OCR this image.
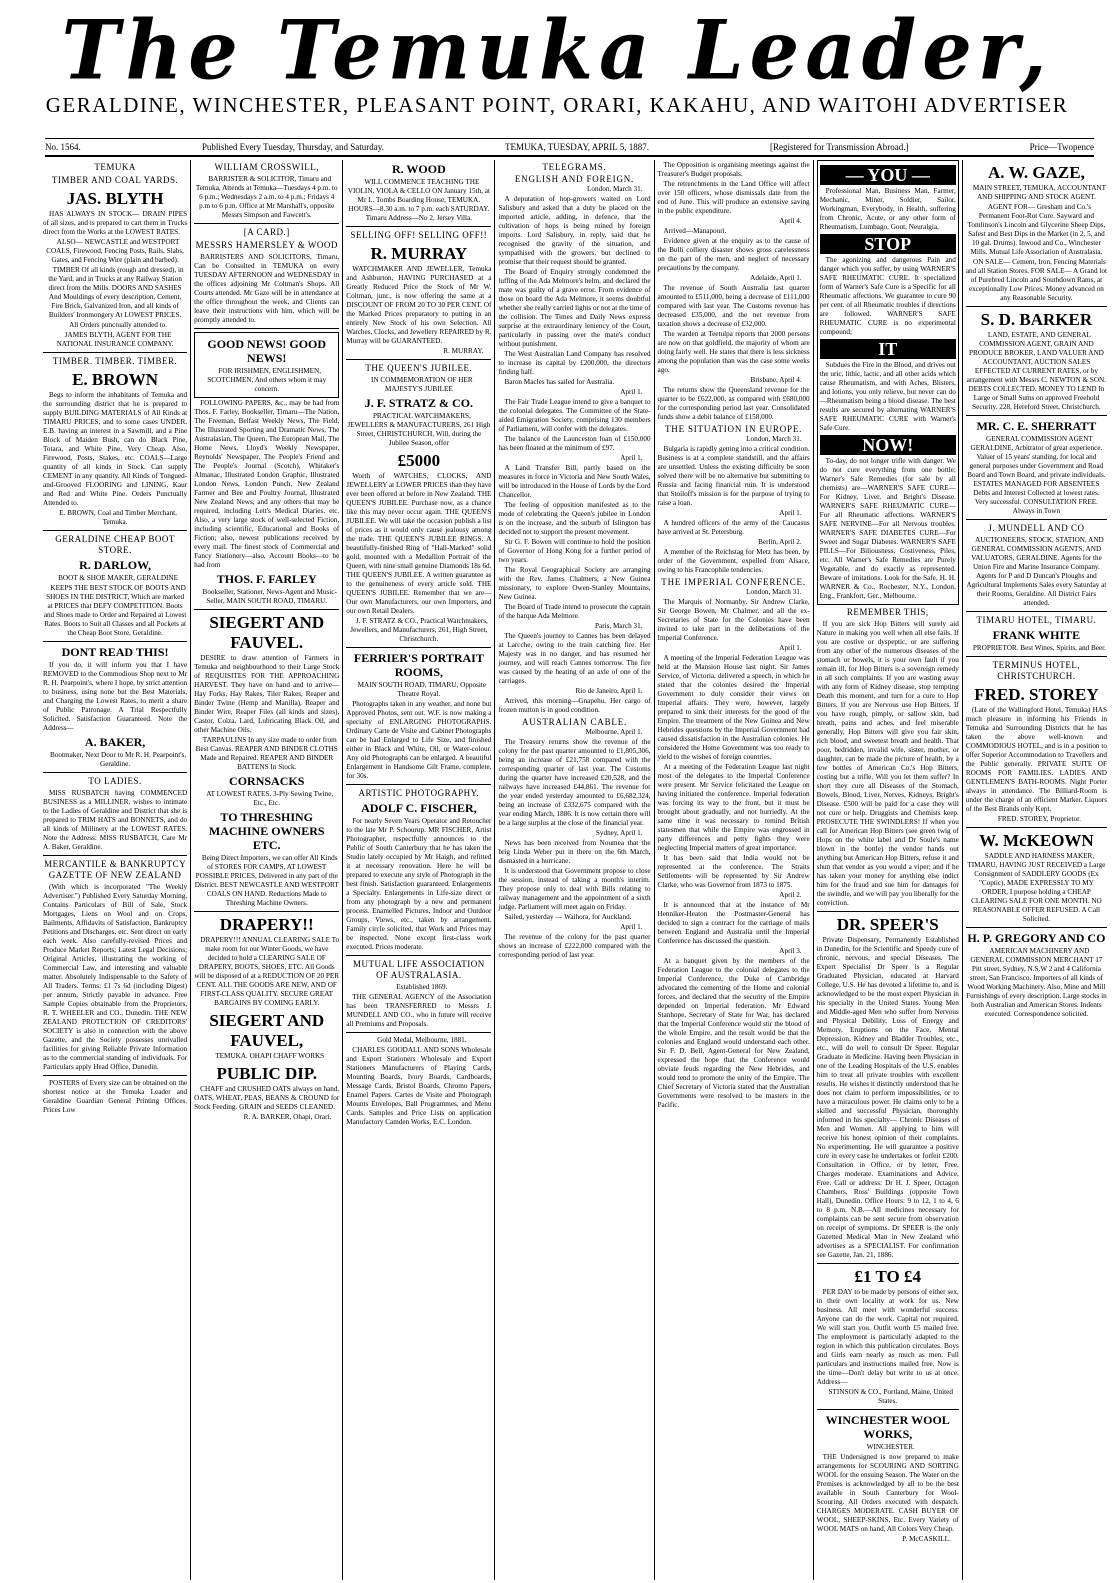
The Temuka Leader,
GERALDINE, WINCHESTER, PLEASANT POINT, ORARI, KAKAHU, AND WAITOHI ADVERTISER
No. 1564.	Published Every Tuesday, Thursday, and Saturday.	TEMUKA, TUESDAY, APRIL 5, 1887.	[Registered for Transmission Abroad.]	Price—Twopence
TEMUKA
TIMBER AND COAL YARDS.
JAS. BLYTH

HAS ALWAYS IN STOCK— DRAIN PIPES of all sizes, and is prepared to cart them in Trucks direct from the Works at the LOWEST RATES.

ALSO— NEWCASTLE and WESTPORT COALS, Firewood, Fencing Posts, Rails, Slabs, Gates, and Fencing Wire (plain and barbed).

TIMBER Of all kinds (rough and dressed), in the Yard, and in Trucks at any Railway Station direct from the Mills. DOORS AND SASHES And Mouldings of every description, Cement, Fire Brick, Galvanized Iron, and all kinds of Builders' Ironmongery At LOWEST PRICES.

All Orders punctually attended to.

JAMES BLYTH, AGENT FOR THE NATIONAL INSURANCE COMPANY.

TIMBER. TIMBER. TIMBER.
E. BROWN

Begs to inform the inhabitants of Temuka and the surrounding district that he is prepared to supply BUILDING MATERIALS of All Kinds at TIMARU PRICES, and to some cases UNDER. E.B. having an interest in a Sawmill, and a Pine Block of Maiden Bush, can do Black Pine, Totara, and White Pine, Very Cheap. Also, Firewood, Posts, Stakes, etc. COALS—Large quantity of all kinds in Stock. Can supply CEMENT in any quantity. All Kinds of Tongued-and-Grooved FLOORING and LINING, Kaur and Red and White Pine. Orders Punctually Attended to.

E. BROWN, Coal and Timber Merchant, Temuka.

GERALDINE CHEAP BOOT STORE.
R. DARLOW,

BOOT & SHOE MAKER, GERALDINE

KEEPS THE BEST STOCK OF BOOTS AND SHOES IN THE DISTRICT, Which are marked at PRICES that DEFY COMPETITION. Boots and Shoes made to Order and Repaired at Lowest Rates. Boots to Suit all Classes and all Pockets at the Cheap Boot Store, Geraldine.

DONT READ THIS!

If you do, it will inform you that I have REMOVED to the Commodious Shop next to Mr R. H. Pearpoint's, where I hope, by strict attention to business, using none but the Best Materials, and Charging the Lowest Rates, to merit a share of Public Patronage. A Trial Respectfully Solicited. Satisfaction Guaranteed. Note the Address—

A. BAKER,

Bootmaker, Next Door to Mr R. H. Pearpoint's, Geraldine.

TO LADIES.

MISS RUSBATCH having COMMENCED BUSINESS as a MILLINER, wishes to intimate to the Ladies of Geraldine and District that she is prepared to TRIM HATS and BONNETS, and do all kinds of Millinery at the LOWEST RATES. Note the Address: MISS RUSBATCH, Care Mr A. Baker, Geraldine.

MERCANTILE & BANKRUPTCY GAZETTE OF NEW ZEALAND

(With which is incorporated "The Weekly Advertiser.") Published Every Saturday Morning, Contains Particulars of Bill of Sale, Stock Mortgages, Liens on Wool and on Crops, Bailments, Affidavits of Satisfaction, Bankruptcy Petitions and Discharges, etc. Sent direct on early each week. Also carefully-revised Prices and Produce Market Reports; Latest Legal Decisions; Original Articles, illustrating the working of Commercial Law, and interesting and valuable matter. Absolutely Indispensable to the Safety of All Traders. Terms: £1 7s 6d (including Digest) per annum, Strictly payable in advance. Free Sample Copies obtainable from the Proprietors, R. T. WHEELER and CO., Dunedin. THE NEW ZEALAND PROTECTION OF CREDITORS' SOCIETY is also in connection with the above Gazette, and the Society possesses unrivalled facilities for giving Reliable Private Information as to the commercial standing of individuals. For Particulars apply Head Office, Dunedin.

POSTERS of Every size can be obtained on the shortest notice at the Temuka Leader and Geraldine Guardian General Printing Offices. Prices Low

WILLIAM CROSSWILL,

BARRISTER & SOLICITOR, Timaru and Temuka, Attends at Temuka—Tuesdays 4 p.m. to 6 p.m.; Wednesdays 2 a.m. to 4 p.m.; Fridays 4 p.m to 6 p.m. Office at Mr Marshall's, opposite Messrs Simpson and Fawcett's.

[A CARD.]
MESSRS HAMERSLEY & WOOD

BARRISTERS AND SOLICITORS, Timaru, Can be Consulted in TEMUKA on every TUESDAY AFTERNOON and WEDNESDAY in the offices adjoining Mr Coltman's Shops. All Courts attended. Mr Gaze will be in attendance at the office throughout the week, and Clients can leave their instructions with him, which will be promptly attended to.

GOOD NEWS! GOOD NEWS!

FOR IRISHMEN, ENGLISHMEN, SCOTCHMEN, And others whom it may concern.

FOLLOWING PAPERS, &c., may be had from Thos. F. Farley, Bookseller, Timaru—The Nation, The Freeman, Belfast Weekly News, The Field, The Illustrated Sporting and Dramatic News, The Australasian, The Queen, The European Mail, The Home News, Lloyd's Weekly Newspaper, Reynolds' Newspaper, The People's Friend and The People's Journal (Scotch), Whitaker's Almanac, Illustrated London Graphic, Illustrated London News, London Punch, New Zealand Farmer and Bee and Poultry Journal, Illustrated New Zealand News, and any others that may be required, including Lett's Medical Diaries, etc. Also, a very large stock of well-selected Fiction, including scientific, Educational and Books of Fiction; also, newest publications received by every mail. The finest stock of Commercial and Fancy Stationery—also, Account Books—to be had from

THOS. F. FARLEY

Bookseller, Stationer, News-Agent and Music-Seller, MAIN SOUTH ROAD, TIMARU.

SIEGERT AND FAUVEL.

DESIRE to draw attention of Farmers in Temuka and neighbourhood to their Large Stock of REQUISITES FOR THE APPROACHING HARVEST. They have on hand and to arrive— Hay Forks, Hay Rakes, Tiler Rakes, Reaper and Binder Twine (Hemp and Manilla), Reaper and Binder Wire, Reaper Files (all kinds and sizes), Castor, Colza, Lard, Lubricating Black Oil, and other Machine Oils.

TARPAULINS In any size made to order from Best Canvas. REAPER AND BINDER CLOTHS Made and Repaired. REAPER AND BINDER BATTENS In Stock.

CORNSACKS

AT LOWEST RATES. 3-Ply Sewing Twine, Etc., Etc.

TO THRESHING MACHINE OWNERS ETC.

Being Direct Importers, we can offer All Kinds of STORES FOR CAMPS, AT LOWEST POSSIBLE PRICES, Delivered in any part of the District. BEST NEWCASTLE AND WESTPORT COALS ON HAND. Reductions Made to Threshing Machine Owners.

DRAPERY!!

DRAPERY!!! ANNUAL CLEARING SALE To make room for our Winter Goods, we have decided to hold a CLEARING SALE OF DRAPERY, BOOTS, SHOES, ETC. All Goods will be disposed of at a REDUCTION OF 20 PER CENT. ALL THE GOODS ARE NEW, AND OF FIRST-CLASS QUALITY. SECURE GREAT BARGAINS BY COMING EARLY.

SIEGERT AND FAUVEL,

TEMUKA. OHAPI CHAFF WORKS

PUBLIC DIP.

CHAFF and CRUSHED OATS always on hand. OATS, WHEAT, PEAS, BEANS & CROUND for Stock Feeding. GRAIN and SEEDS CLEANED.

R. A. BARKER, Ohapi, Orari.

R. WOOD

WILL COMMENCE TEACHING THE VIOLIN, VIOLA & CELLO ON January 15th, at Mr L. Tombs Boarding House, TEMUKA. HOURS—8.30 a.m. to 7 p.m. each SATURDAY. Timaru Address—No 2, Jersey Villa.

SELLING OFF! SELLING OFF!!
R. MURRAY

WATCHMAKER AND JEWELLER, Temuka and Ashburton, HAVING PURCHASED at a Greatly Reduced Price the Stock of Mr W. Coltman, junr., is now offering the same at a DISCOUNT OF FROM 20 TO 30 PER CENT. Of the Marked Prices preparatory to putting in an entirely New Stock of his own Selection. All Watches, Clocks, and Jewellery REPAIRED by R. Murray will be GUARANTEED.

R. MURRAY.

THE QUEEN'S JUBILEE.

IN COMMEMORATION OF HER MAJESTY'S JUBILEE

J. F. STRATZ & CO.

PRACTICAL WATCHMAKERS, JEWELLERS & MANUFACTURERS, 261 High Street, CHRISTCHURCH, Will, during the Jubilee Season, offer

£5000

Worth of WATCHES, CLOCKS, AND JEWELLERY at LOWER PRICES than they have ever been offered at before in New Zealand. THE QUEEN'S JUBILEE. Purchase now, as a chance like this may never occur again. THE QUEEN'S JUBILEE. We will take the occasion publish a list of prices as it would only cause jealousy among the trade. THE QUEEN'S JUBILEE RINGS. A beautifully-finished Ring of "Hall-Marked" solid gold, mounted with a Medallion Portrait of the Queen, with nine small genuine Diamonds 18s 6d. THE QUEEN'S JUBILEE. A written guarantee as to the genuineness of every article sold. THE QUEEN'S JUBILEE. Remember that we are—Our own Manufacturers, our own Importers, and our own Retail Dealers.

J. F. STRATZ & CO., Practical Watchmakers, Jewellers, and Manufacturers, 261, High Street, Christchurch.

FERRIER'S PORTRAIT ROOMS,

MAIN SOUTH ROAD, TIMARU, Opposite Theatre Royal.

Photographs taken in any weather, and none but Approved Photos, sent out. W.F. is now making a specialty of ENLARGING PHOTOGRAPHS. Ordinary Carte de Visite and Cabinet Photographs can be had Enlarged to Life Size, and finished either in Black and White, Oil, or Water-colour. Any old Photographs can be enlarged. A beautiful Enlargement in Handsome Gilt Frame, complete, for 30s.

ARTISTIC PHOTOGRAPHY.
ADOLF C. FISCHER,

For nearly Seven Years Operator and Retoucher to the late Mr P. Schourup. MR FISCHER, Artist Photographer, respectfully announces to the Public of South Canterbury that he has taken the Studio lately occupied by Mr Haigh, and refitted it at necessary renovation. Here he will be prepared to execute any style of Photograph in the best finish. Satisfaction guaranteed. Enlargements a Specialty. Enlargements in Life-size direct or from any photograph by a new and permanent process. Enamelled Pictures, Indoor and Outdoor Groups, Views, etc., taken by arrangement. Family circle solicited, that Work and Prices may be inspected. None except first-class work executed. Prices moderate.

MUTUAL LIFE ASSOCIATION OF AUSTRALASIA.

Established 1869.

THE GENERAL AGENCY of the Association has been TRANSFERRED to Messrs J. MUNDELL AND CO., who in future will receive all Premiums and Proposals.

Gold Medal, Melbourne, 1881.

CHARLES GOODALL AND SONS Wholesale and Export Stationers Wholesale and Export Stationers Manufacturers of Playing Cards, Mounting Boards, Ivory Boards, Cardboards, Message Cards, Bristol Boards, Chromo Papers, Enamel Papers. Cartes de Visite and Photograph Mounts Envelopes, Ball Programmes, and Menu Cards. Samples and Price Lists on application Manufactory Camden Works, E.C. London.

TELEGRAMS.
ENGLISH AND FOREIGN.
London, March 31.

A deputation of hop-growers waited on Lord Salisbury and asked that a duty be placed on the imported article, adding, in defence, that the cultivation of hops is being ruined by foreign imports. Lord Salisbury, in reply, said that he recognised the gravity of the situation, and sympathised with the growers, but declined to promise that their request should be granted.

The Board of Enquiry strongly condemned the luffing of the Ada Melmore's helm, and declared the mate was guilty of a grave error. From evidence of those on board the Ada Melmore, it seems doubtful whether she really carried lights or not at the time of the collision. The Times and Daily News express surprise at the extraordinary leniency of the Court, particularly in passing over the mate's conduct without punishment.

The West Australian Land Company has resolved to increase its capital by £200,000, the directors finding half.

Baron Macles has sailed for Australia.

April 1.

The Fair Trade League intend to give a banquet to the colonial delegates. The Committee of the State-aided Emigration Society, comprising 130 members of Parliament, will confer with the delegates.

The balance of the Launceston loan of £150,000 has been floated at the minimum of £97.

April 1.

A Land Transfer Bill, partly based on the measures in force in Victoria and New South Wales, will be introduced in the House of Lords by the Lord Chancellor.

The feeling of opposition manifested as to the mode of celebrating the Queen's jubilee in London is on the increase, and the suburb of Islington has decided not to support the present movement.

Sir G. F. Bowen will continue to hold the position of Governor of Hong Kong for a further period of two years.

The Royal Geographical Society are arranging with the Rev. James Chalmers, a New Guinea missionary, to explore Owen-Stanley Mountains, New Guinea.

The Board of Trade intend to prosecute the captain of the barque Ada Melmore.

Paris, March 31.

The Queen's journey to Cannes has been delayed at Larcche, owing to the train catching fire. Her Majesty was in no danger, and has resumed her journey, and will reach Cannes tomorrow. The fire was caused by the heating of an axle of one of the carriages.

Rio de Janeiro, April 1.

Arrived, this morning—Gnapehu. Her cargo of frozen mutton is in good condition.

AUSTRALIAN CABLE.
Melbourne, April 1.

The Treasury returns show the revenue of the colony for the past quarter amounted to £1,805,306, being an increase of £21,758 compared with the corresponding quarter of last year. The Customs during the quarter have increased £20,528, and the railways have increased £44,861. The revenue for the year ended yesterday amounted to £6,682,324, being an increase of £332,675 compared with the year ending March, 1886. It is now certain there will be a large surplus at the close of the financial year.

Sydney, April 1.

News has been received from Noumea that the brig Linda Weber put in there on the 6th March, dismasted in a hurricane.

It is understood that Government propose to close the session, instead of taking a month's interim. They propose only to deal with Bills relating to railway management and the appointment of a sixth judge. Parliament will meet again on Friday.

Sailed, yesterday — Waihora, for Auckland.

April 1.

The revenue of the colony for the past quarter shows an increase of £222,000 compared with the corresponding period of last year.

The Opposition is organising meetings against the Treasurer's Budget proposals.

The retrenchments in the Land Office will affect over 150 officers, whose dismissals date from the end of June. This will produce an extensive saving in the public expenditure.

April 4.

Arrived—Manapouri.

Evidence given at the enquiry as to the cause of the Bulli colliery disaster shows gross carelessness on the part of the men, and neglect of necessary precautions by the company.

Adelaide, April 1.

The revenue of South Australia last quarter amounted to £511,000, being a decrease of £111,000 compared with last year. The Customs revenue has decreased £35,000, and the net revenue from taxation shows a decrease of £32,000.

The warden at Teetulpa reports that 2000 persons are now on that goldfield, the majority of whom are doing fairly well. He states that there is less sickness among the population than was the case some weeks ago.

Brisbane, April 4.

The returns show the Queensland revenue for the quarter to be £622,000, as compared with £680,000 for the corresponding period last year. Consolidated funds show a debit balance of £158,000.

THE SITUATION IN EUROPE.
London, March 31.

Bulgaria is rapidly getting into a critical condition. Business is at a complete standstill, and the affairs are unsettled. Unless the existing difficulty be soon solved there will be no alternative but submitting to Russia and facing financial ruin. It is understood that Stoiloff's mission is for the purpose of trying to raise a loan.

April 1.

A hundred officers of the army of the Caucasus have arrived at St. Petersburg.

Berlin, April 2.

A member of the Reichstag for Metz has been, by order of the Government, expelled from Alsace, owing to his Francophile tendencies.

THE IMPERIAL CONFERENCE.
London, March 31.

The Marquis of Normanby, Sir Andrew Clarke, Sir George Bowen, Mr Chalmer, and all the ex-Secretaries of State for the Colonies have been invited to take part in the deliberations of the Imperial Conference.

April 1.

A meeting of the Imperial Federation League was held at the Mansion House last night. Sir James Service, of Victoria, delivered a speech, in which he stated that the colonies desired the Imperial Government to duly consider their views on Imperial affairs. They were, however, largely prepared to sink their interests for the good of the Empire. The treatment of the New Guinea and New Hebrides questions by the Imperial Government had caused dissatisfaction in the Australian colonies. He considered the Home Government was too ready to yield to the wishes of foreign countries.

At a meeting of the Federation League last night most of the delegates to the Imperial Conference were present. Mr Service felicitated the League on having initiated the conference. Imperial federation was forcing its way to the front, but it must be brought about gradually, and not hurriedly. At the same time it was necessary to remind British statesmen that while the Empire was engrossed in party differences and petty fights they were neglecting Imperial matters of great importance.

It has been said that India would not be represented at the conference. The Straits Settlements will be represented by Sir Andrew Clarke, who was Governor from 1873 to 1875.

April 2.

It is announced that at the instance of Mr Henniker-Heaton the Postmaster-General has decided to sign a contract for the carriage of mails between England and Australia until the Imperial Conference has discussed the question.

April 3.

At a banquet given by the members of the Federation League to the colonial delegates to the Imperial Conference, the Duke of Cambridge advocated the cementing of the Home and colonial forces, and declared that the security of the Empire depended on Imperial federation. Mr Edward Stanhope, Secretary of State for War, has declared that the Imperial Conference would stir the blood of the whole Empire, and the result would be that the colonies and England would understand each other. Sir F. D. Bell, Agent-General for New Zealand, expressed the hope that the Conference would obviate feuds regarding the New Hebrides, and would tend to promote the unity of the Empire. The Chief Secretary of Victoria stated that the Australian Governments were resolved to be masters in the Pacific.

— YOU —

Professional Man, Business Man, Farmer, Mechanic, Miner, Soldier, Sailor, Workingman, Everybody, in Health, suffering from Chronic, Acute, or any other form of Rheumatism, Lumbago, Gout, Neuralgia,

STOP

The agonizing and dangerous Pain and danger which you suffer, by using WARNER'S SAFE RHEUMATIC CURE. It specialized form of Warner's Safe Cure is a Specific for all Rheumatic affections. We guarantee to cure 90 per cent. of all Rheumatic troubles if directions are followed. WARNER'S SAFE RHEUMATIC CURE is no experimental compound;

IT

Subdues the Fire in the Blood, and drives out the uric, lithic, lactic, and all other acids which cause Rheumatism, and with Aches, Blisters, and lotions, you only relieve, but never can do—Rheumatism being a blood disease. The best results are secured by alternating WARNER'S SAFE RHEUMATIC CURE with Warner's Safe Cure.

NOW!

To-day, do not longer trifle with danger. We do not cure everything from one bottle; Warner's Safe Remedies (for sale by all chemists) are—WARNER'S SAFE CURE—For Kidney, Liver, and Bright's Disease. WARNER'S SAFE RHEUMATIC CURE—For all Rheumatic affections. WARNER'S SAFE NERVINE—For all Nervous troubles. WARNER'S SAFE DIABETES CURE—For Sweet and Sugar Diabetes. WARNER'S SAFE PILLS—For Biliousness, Costiveness, Piles, etc. All Warner's Safe Remedies are Purely Vegetable, and do exactly as represented. Beware of imitations. Look for the Safe. H. H. WARNER & Co., Rochester, N.Y., London, Eng., Frankfort, Ger., Melbourne.

REMEMBER THIS,

If you are sick Hop Bitters will surely aid Nature in making you well when all else fails. If you are costive or dyspeptic, or are suffering from any other of the numerous diseases of the stomach or bowels, it is your own fault if you remain ill, for Hop Bitters is a sovereign remedy in all such complaints. If you are wasting away with any form of Kidney disease, stop tempting Death this moment, and turn for a cure to Hop Bitters. If you are Nervous use Hop Bitters. If you have rough, pimply, or sallow skin, bad breath, pains and aches, and feel miserable generally, Hop Bitters will give you fair skin, rich blood, and sweetest breath and health. That poor, bedridden, invalid wife, sister, mother, or daughter, can be made the picture of health, by a few bottles of American Co.'s Hop Bitters, costing but a trifle. Will you let them suffer? In short they cure all Diseases of the Stomach, Bowels, Blood, Liver, Nerves, Kidneys, Bright's Disease. £500 will be paid for a case they will not cure or help. Druggists and Chemists keep. PROSECUTE THE SWINDLERS! If when you call for American Hop Bitters (see green twig of Hops on the white label and Dr Soule's name blown in the bottle) the vendor hands out anything but American Hop Bitters, refuse it and shun that vendor as you would a viper; and if he has taken your money for anything else indict him for the fraud and sue him for damages for the swindle, and we will pay you liberally for the conviction.

DR. SPEER'S

Private Dispensary, Permanently Established in Dunedin, for the Scientific and Speedy cure of chronic, nervous, and special Diseases. The Expert Specialist Dr Speer is a Regular Graduated Physician, educated at Harvard College, U.S. He has devoted a lifetime to, and is acknowledged to be the most expert Physician in his specialty in the United States. Young Men and Middle-aged Men who suffer from Nervous and Physical Debility, Loss of Energy and Memory, Eruptions on the Face, Mental Depression, Kidney and Bladder Troubles, etc., etc., will do well to consult Dr Speer. Regular Graduate in Medicine. Having been Physician in one of the Leading Hospitals of the U.S. enables him to treat all private troubles with excellent results. He wishes it distinctly understood that he does not claim to perform impossibilities, or to have a miraculous power. He claims only to be a skilled and successful Physician, thoroughly informed in his specialty— Chronic Diseases of Men and Women. All applying to him will receive his honest opinion of their complaints. No experimenting. He will guarantee a positive cure in every case he undertakes or forfeit £200. Consultation in Office, or by letter, Free. Charges moderate. Examinations and Advice, Free. Call or address: Dr H. J. Speer, Octagon Chambers, Ross' Buildings (opposite Town Hall), Dunedin. Office Hours: 9 to 12, 1 to 4, 6 to 8 p.m. N.B.—All medicines necessary for complaints can be sent secure from observation on receipt of symptoms. Dr SPEER is the only Gazetted Medical Man in New Zealand who advertises as a SPECIALIST. For confirmation see Gazette, Jan. 21, 1886.

£1 TO £4

PER DAY to be made by persons of either sex, in their own locality at work for us. New business. All meet with wonderful success. Anyone can do the work. Capital not required. We will start you. Outfit worth £5 mailed free. The employment is particularly adapted to the region in which this publication circulates. Boys and Girls earn nearly as much as men. Full particulars and instructions mailed free. Now is the time—Don't delay but write to us at once. Address—

STINSON & CO., Portland, Maine, United States.

WINCHESTER WOOL WORKS,

WINCHESTER.

THE Undersigned is now prepared to make arrangements for SCOURING AND SORTING WOOL for the ensuing Season. The Water on the Premises is acknowledged by all to be the best available in South Canterbury for Wool-Scouring. All Orders executed with despatch. CHARGES MODERATE. CASH BUYER OF WOOL, SHEEP-SKINS, Etc. Every Variety of WOOL MATS on hand, All Colors Very Cheap.

P. McCASKILL.

A. W. GAZE,

MAIN STREET, TEMUKA, ACCOUNTANT AND SHIPPING AND STOCK AGENT.

AGENT FOR— Gresham and Co.'s Permanent Foot-Rot Cure. Sayward and Tomlinson's Lincoln and Glycerine Sheep Dips, Safest and Best Dips in the Market (in 2, 5, and 10 gal. Drums). Inwood and Co., Winchester Mills. Mutual Life Association of Australasia.

ON SALE— Cement, Iron, Fencing Materials and all Station Stores. FOR SALE— A Grand lot of Purebred Lincoln and Southdown Rams, at exceptionally Low Prices. Money advanced on any Reasonable Security.

S. D. BARKER

LAND, ESTATE, AND GENERAL COMMISSION AGENT, GRAIN AND PRODUCE BROKER, LAND VALUER AND ACCOUNTANT, AUCTION SALES EFFECTED AT CURRENT RATES, or by arrangement with Messrs C. NEWTON & SON. DEBTS COLLECTED. MONEY TO LEND In Large or Small Sums on approved Freehold Security. 228, Hereford Street, Christchurch.

MR. C. E. SHERRATT

GENERAL COMMISSION AGENT GERALDINE, Arbitrator of great experience. Valuer of 15 years' standing, for local and general purposes under Government and Road Board and Town Board, and private individuals. ESTATES MANAGED FOR ABSENTEES Debts and Interest Collected at lowest rates. Very successful. CONSULTATION FREE. Always in Town

J. MUNDELL AND CO

AUCTIONEERS, STOCK, STATION, AND GENERAL COMMISSION AGENTS, AND VALUATORS, GERALDINE. Agents for the Union Fire and Marine Insurance Company. Agents for P and D Duncan's Ploughs and Agricultural Implements Sales every Saturday at their Rooms, Geraldine. All District Fairs attended.

TIMARU HOTEL, TIMARU.
FRANK WHITE

PROPRIETOR. Best Wines, Spirits, and Beer.

TERMINUS HOTEL, CHRISTCHURCH.
FRED. STOREY

(Late of the Wallingford Hotel, Temuka) HAS much pleasure in informing his Friends in Temuka and Surrounding Districts that he has taken the above well-known and COMMODIOUS HOTEL, and is in a position to offer Superior Accommodation to Travellers and the Public generally. PRIVATE SUITE OF ROOMS FOR FAMILIES. LADIES AND GENTLEMEN'S BATH-ROOMS. Night Porter always in attendance. The Billiard-Room is under the charge of an efficient Marker. Liquors of the Best Brands only Kept.

FRED. STOREY, Proprietor.

W. McKEOWN

SADDLE AND HARNESS MAKER, TIMARU, HAVING JUST RECEIVED a Large Consignment of SADDLERY GOODS (Ex "Coptic), MADE EXPRESSLY TO MY ORDER, I purpose holding a CHEAP CLEARING SALE FOR ONE MONTH. NO REASONABLE OFFER REFUSED. A Call Solicited.

H. P. GREGORY AND CO

AMERICAN MACHINERY AND GENERAL COMMISSION MERCHANT 17 Pitt street, Sydney, N.S.W 2 and 4 California street, San Francisco. Importers of all kinds of Wood Working Machinery. Also, Mine and Mill Furnishings of every description. Large stocks in both Australian and American Stores. Indents executed. Correspondence solicited.
